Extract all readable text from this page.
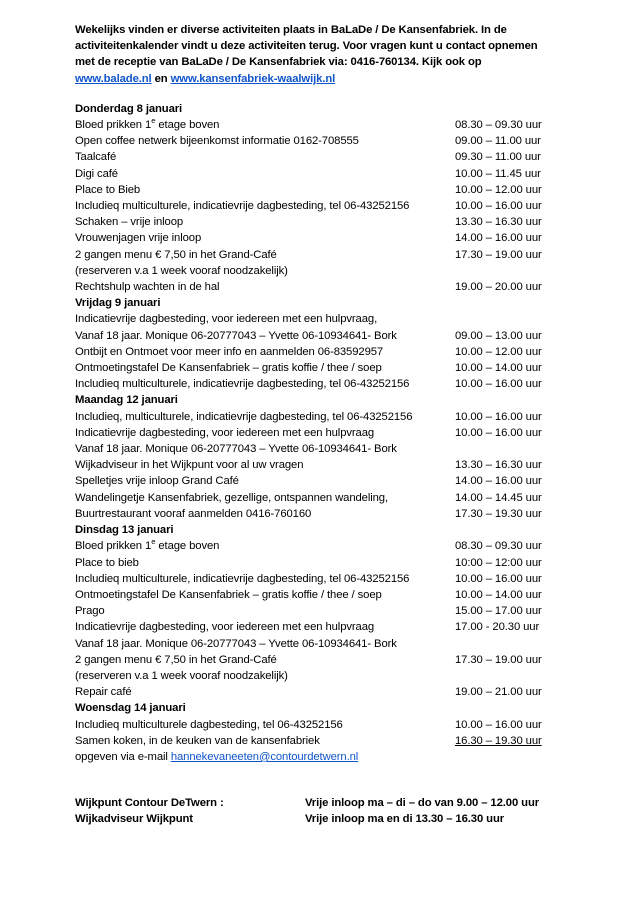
Wekelijks vinden er diverse activiteiten plaats in BaLaDe / De Kansenfabriek. In de
activiteitenkalender vindt u deze activiteiten terug. Voor vragen kunt u contact opnemen
met de receptie van BaLaDe / De Kansenfabriek via: 0416-760134. Kijk ook op
www.balade.nl en www.kansenfabriek-waalwijk.nl
Donderdag 8 januari
Bloed prikken 1e etage boven	08.30 – 09.30 uur
Open coffee netwerk bijeenkomst informatie 0162-708555	09.00 – 11.00 uur
Taalcafé	09.30 – 11.00 uur
Digi café	10.00 – 11.45 uur
Place to Bieb	10.00 – 12.00 uur
Includieq multiculturele, indicatievrije dagbesteding, tel 06-43252156	10.00 – 16.00 uur
Schaken – vrije inloop	13.30 – 16.30 uur
Vrouwenjagen vrije inloop	14.00 – 16.00 uur
2 gangen menu € 7,50 in het Grand-Café	17.30 – 19.00 uur
(reserveren v.a 1 week vooraf noodzakelijk)
Rechtshulp wachten in de hal	19.00 – 20.00 uur
Vrijdag 9 januari
Indicatievrije dagbesteding, voor iedereen met een hulpvraag,
Vanaf 18 jaar. Monique 06-20777043 – Yvette 06-10934641- Bork	09.00 – 13.00 uur
Ontbijt en Ontmoet voor meer info en aanmelden 06-83592957	10.00 – 12.00 uur
Ontmoetingstafel De Kansenfabriek – gratis koffie / thee / soep	10.00 – 14.00 uur
Includieq multiculturele, indicatievrije dagbesteding, tel 06-43252156	10.00 – 16.00 uur
Maandag 12 januari
Includieq, multiculturele, indicatievrije dagbesteding, tel 06-43252156	10.00 – 16.00 uur
Indicatievrije dagbesteding, voor iedereen met een hulpvraag	10.00 – 16.00 uur
Vanaf 18 jaar. Monique 06-20777043 – Yvette 06-10934641- Bork
Wijkadviseur in het Wijkpunt voor al uw vragen	13.30 – 16.30 uur
Spelletjes vrije inloop Grand Café	14.00 – 16.00 uur
Wandelingetje Kansenfabriek, gezellige, ontspannen wandeling,	14.00 – 14.45 uur
Buurtrestaurant vooraf aanmelden 0416-760160	17.30 – 19.30 uur
Dinsdag 13 januari
Bloed prikken 1e etage boven	08.30 – 09.30 uur
Place to bieb	10:00 – 12:00 uur
Includieq multiculturele, indicatievrije dagbesteding, tel 06-43252156	10.00 – 16.00 uur
Ontmoetingstafel De Kansenfabriek – gratis koffie / thee / soep	10.00 – 14.00 uur
Prago	15.00 – 17.00 uur
Indicatievrije dagbesteding, voor iedereen met een hulpvraag	17.00 - 20.30 uur
Vanaf 18 jaar. Monique 06-20777043 – Yvette 06-10934641- Bork
2 gangen menu € 7,50 in het Grand-Café	17.30 – 19.00 uur
(reserveren v.a 1 week vooraf noodzakelijk)
Repair café	19.00 – 21.00 uur
Woensdag 14 januari
Includieq multiculturele dagbesteding, tel 06-43252156	10.00 – 16.00 uur
Samen koken, in de keuken van de kansenfabriek	16.30 – 19.30 uur
opgeven via e-mail hannekevaneeten@contourdetwern.nl
Wijkpunt Contour DeTwern :	Vrije inloop ma – di – do van 9.00 – 12.00 uur
Wijkadviseur Wijkpunt	Vrije inloop ma en di 13.30 – 16.30 uur
